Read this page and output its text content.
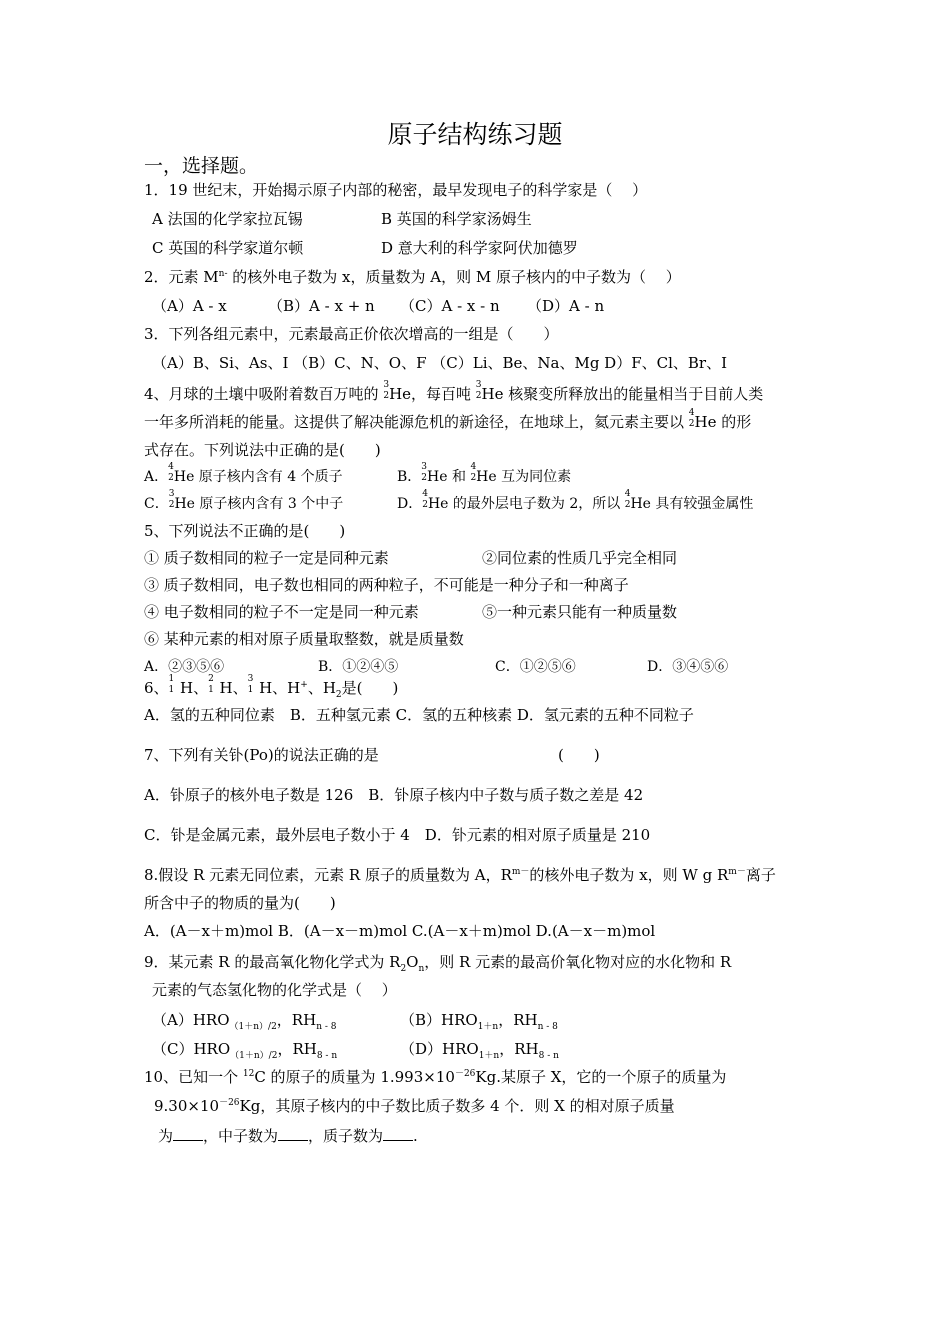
原子结构练习题
一，选择题。
1．19 世纪末，开始揭示原子内部的秘密，最早发现电子的科学家是（　 ）
A 法国的化学家拉瓦锡	B 英国的科学家汤姆生
C 英国的科学家道尔顿	D 意大利的科学家阿伏加德罗
2．元素 $M^{n-}$ 的核外电子数为 x，质量数为 A，则 M 原子核内的中子数为（　 ）
（A）A - x	（B）A - x + n （C）A - x - n （D）A - n
3．下列各组元素中，元素最高正价依次增高的一组是（　　）
（A）B、Si、As、I （B）C、N、O、F （C）Li、Be、Na、Mg D）F、Cl、Br、I
4、月球的土壤中吸附着数百万吨的 3
2 He，每百吨 3
2 He 核聚变所释放出的能量相当于目前人类
一年多所消耗的能量。这提供了解决能源危机的新途径，在地球上，氦元素主要以 4
2 He 的形
式存在。下列说法中正确的是(　　)
A．
4
2 He 原子核内含有 4 个质子	B．
3
2 He 和
4
2 He 互为同位素
C．
3
2 He 原子核内含有 3 个中子	D．
4
2 He 的最外层电子数为 2，所以
4
2 He 具有较强金属性
5、下列说法不正确的是(　　)
① 质子数相同的粒子一定是同种元素	②同位素的性质几乎完全相同
③ 质子数相同，电子数也相同的两种粒子，不可能是一种分子和一种离子
④ 电子数相同的粒子不一定是同一种元素	⑤一种元素只能有一种质量数
⑥ 某种元素的相对原子质量取整数，就是质量数
A．②③⑤⑥	B．①②④⑤	C．①②⑤⑥	D．③④⑤⑥
6、 1
1 H、 2
1 H、 3
1 H、H+、$H_2$是(　　)
A．氢的五种同位素　B．五种氢元素 C．氢的五种核素 D．氢元素的五种不同粒子
7、下列有关钋(Po)的说法正确的是	(　　)
A．钋原子的核外电子数是 126　B．钋原子核内中子数与质子数之差是 42
C．钋是金属元素，最外层电子数小于 4　D．钋元素的相对原子质量是 210
8.假设 R 元素无同位素，元素 R 原子的质量数为 A，$R^{m-}$的核外电子数为 x，则 W g $R^{m-}$离子
所含中子的物质的量为(　　)
A．(A－x＋m)mol B．(A－x－m)mol C.(A－x＋m)mol D.(A－x－m)mol
9．某元素 R 的最高氧化物化学式为 $R_2O_n$，则 R 元素的最高价氧化物对应的水化物和 R
元素的气态氢化物的化学式是（　 ）
$(A)HRO_{(1+n)/2}$，$RH_{n - 8}$	$(B)HRO_{1+n}$，$RH_{n - 8}$
$(C)HRO_{(1+n)/2}$，$RH_{8 - n}$	$(D)HRO_{1+n}$，$RH_{8 - n}$
10、已知一个 $^{12}$C 的原子的质量为 $1.993\times 10^{-26}Kg$.某原子 X，它的一个原子的质量为
$9.30\times 10^{-26}Kg$，其原子核内的中子数比质子数多 4 个．则 X 的相对原子质量
为 ，中子数为 ，质子数为 .
